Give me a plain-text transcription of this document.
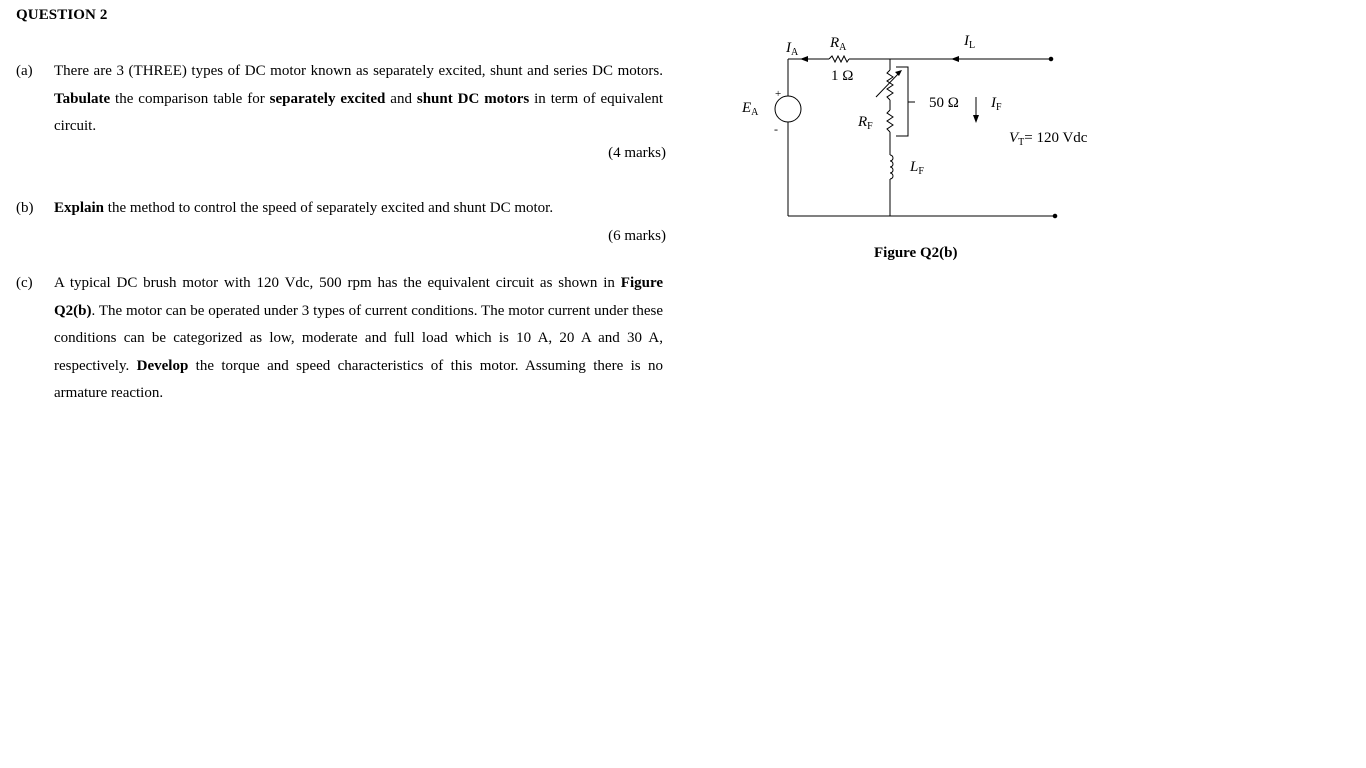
QUESTION 2
(a) There are 3 (THREE) types of DC motor known as separately excited, shunt and series DC motors. Tabulate the comparison table for separately excited and shunt DC motors in term of equivalent circuit.
(4 marks)
(b) Explain the method to control the speed of separately excited and shunt DC motor.
(6 marks)
(c) A typical DC brush motor with 120 Vdc, 500 rpm has the equivalent circuit as shown in Figure Q2(b). The motor can be operated under 3 types of current conditions. The motor current under these conditions can be categorized as low, moderate and full load which is 10 A, 20 A and 30 A, respectively. Develop the torque and speed characteristics of this motor. Assuming there is no armature reaction.
$I_A$
$R_A$
1 Ω
$I_L$
$E_A$
+
-	$R_F$
50 Ω $I_F$
$L_F$
$V_T= 120$ Vdc
Figure Q2(b)
